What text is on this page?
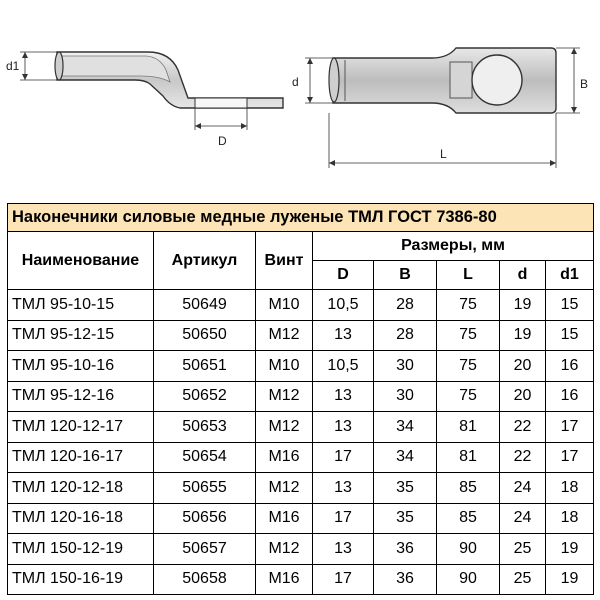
d1
D
d	B
L
Наконечники силовые медные луженые ТМЛ ГОСТ 7386-80							
Наименование	Артикул	Винт	Размеры, мм				
			D	B	L	d	d1
ТМЛ 95-10-15	50649	М10	10,5	28	75	19	15
ТМЛ 95-12-15	50650	М12	13	28	75	19	15
ТМЛ 95-10-16	50651	М10	10,5	30	75	20	16
ТМЛ 95-12-16	50652	М12	13	30	75	20	16
ТМЛ 120-12-17	50653	М12	13	34	81	22	17
ТМЛ 120-16-17	50654	М16	17	34	81	22	17
ТМЛ 120-12-18	50655	М12	13	35	85	24	18
ТМЛ 120-16-18	50656	М16	17	35	85	24	18
ТМЛ 150-12-19	50657	М12	13	36	90	25	19
ТМЛ 150-16-19	50658	М16	17	36	90	25	19
